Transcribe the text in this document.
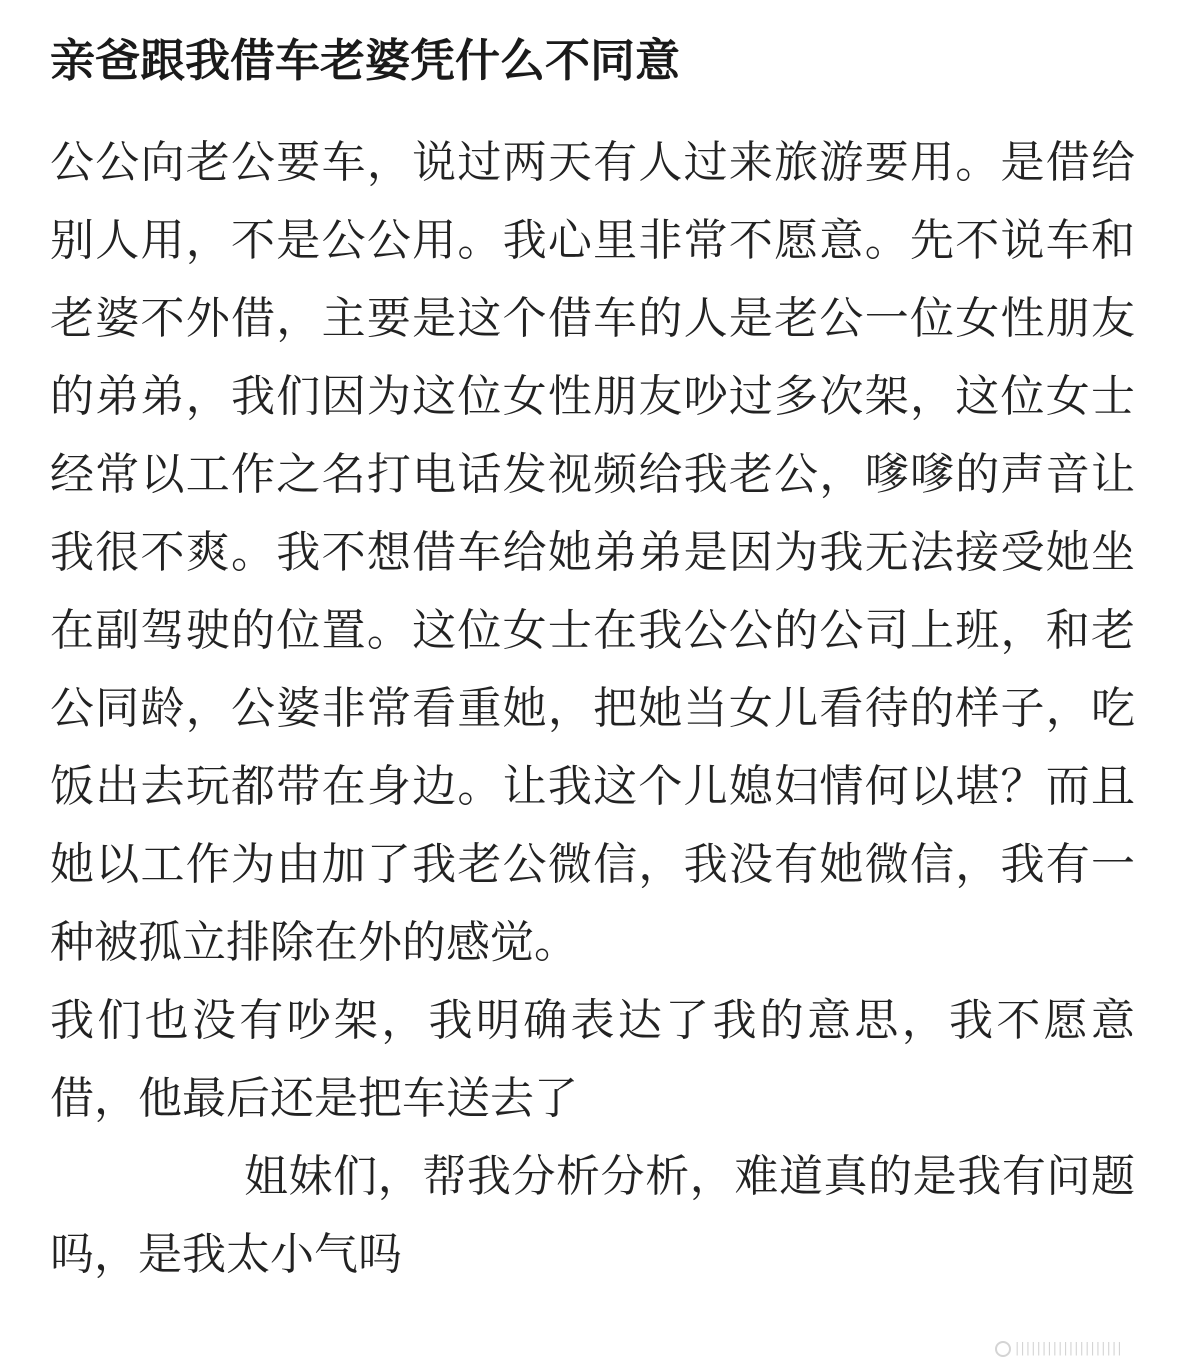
亲爸跟我借车老婆凭什么不同意

公公向老公要车，说过两天有人过来旅游要用。是借给别人用，不是公公用。我心里非常不愿意。先不说车和老婆不外借，主要是这个借车的人是老公一位女性朋友的弟弟，我们因为这位女性朋友吵过多次架，这位女士经常以工作之名打电话发视频给我老公，嗲嗲的声音让我很不爽。我不想借车给她弟弟是因为我无法接受她坐在副驾驶的位置。这位女士在我公公的公司上班，和老公同龄，公婆非常看重她，把她当女儿看待的样子，吃饭出去玩都带在身边。让我这个儿媳妇情何以堪？而且她以工作为由加了我老公微信，我没有她微信，我有一种被孤立排除在外的感觉。

我们也没有吵架，我明确表达了我的意思，我不愿意借，他最后还是把车送去了

姐妹们，帮我分析分析，难道真的是我有问题吗，是我太小气吗

||||||||||||||||||||
